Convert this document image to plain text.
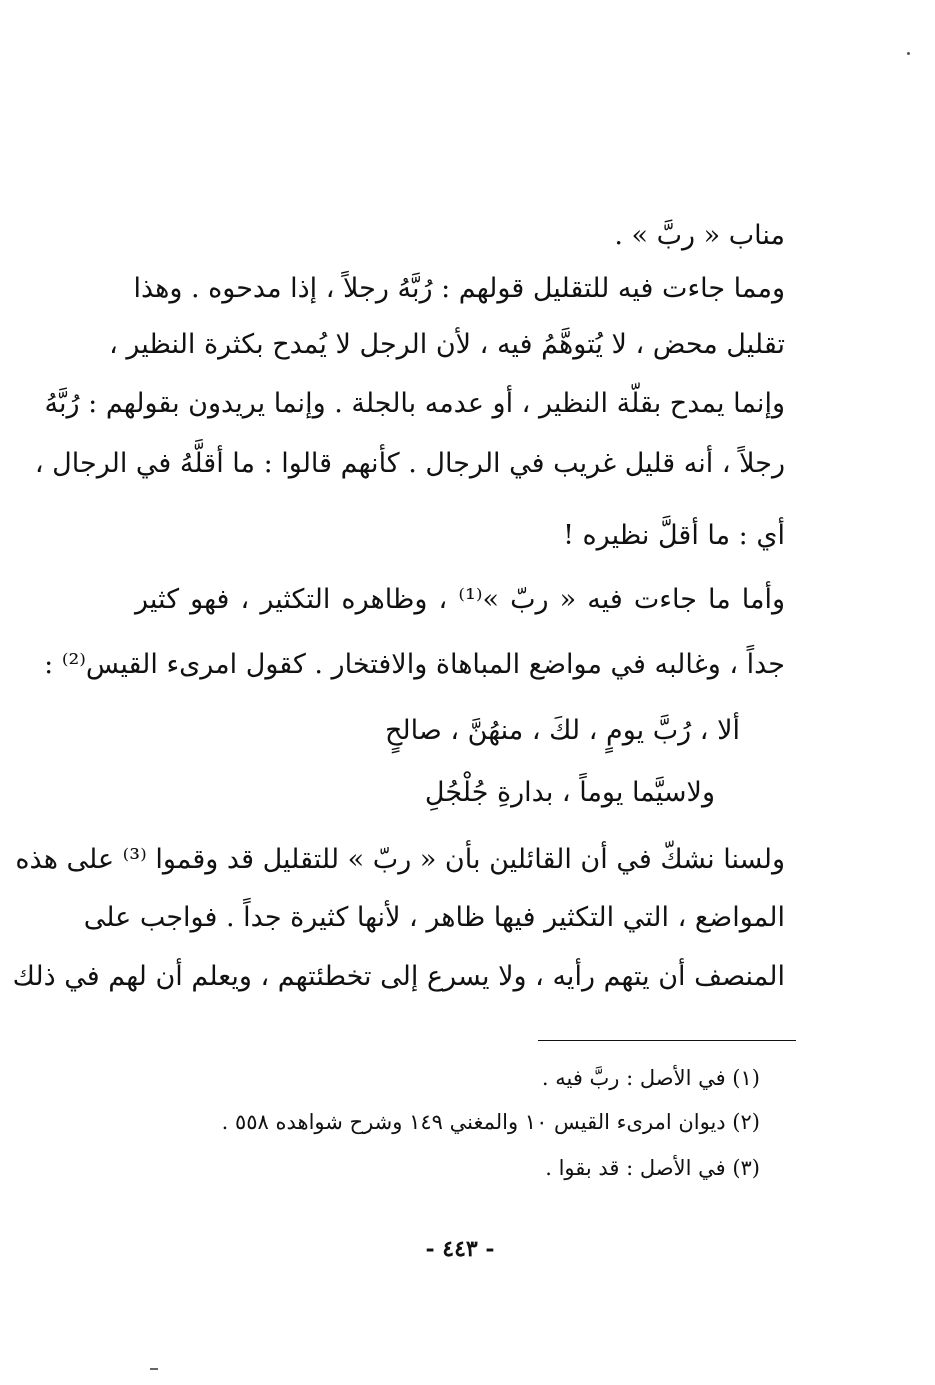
مناب « ربَّ » .
ومما جاءت فيه للتقليل قولهم : رُبَّهُ رجلاً ، إذا مدحوه . وهذا
تقليل محض ، لا يُتوهَّمُ فيه ، لأن الرجل لا يُمدح بكثرة النظير ،
وإنما يمدح بقلّة النظير ، أو عدمه بالجلة . وإنما يريدون بقولهم : رُبَّهُ
رجلاً ، أنه قليل غريب في الرجال . كأنهم قالوا : ما أقلَّهُ في الرجال ،
أي : ما أقلَّ نظيره !
وأما ما جاءت فيه « ربّ »⁽¹⁾ ، وظاهره التكثير ، فهو كثير
جداً ، وغالبه في مواضع المباهاة والافتخار . كقول امرىء القيس⁽²⁾ :
ألا ، رُبَّ يومٍ ، لكَ ، منهُنَّ ، صالحٍ
ولاسيَّما يوماً ، بدارةِ جُلْجُلِ
ولسنا نشكّ في أن القائلين بأن « ربّ » للتقليل قد وقموا ⁽³⁾ على هذه
المواضع ، التي التكثير فيها ظاهر ، لأنها كثيرة جداً . فواجب على
المنصف أن يتهم رأيه ، ولا يسرع إلى تخطئتهم ، ويعلم أن لهم في ذلك
(١) في الأصل : ربَّ فيه .
(٢) ديوان امرىء القيس ١٠ والمغني ١٤٩ وشرح شواهده ٥٥٨ .
(٣) في الأصل : قد بقوا .
- ٤٤٣ -
